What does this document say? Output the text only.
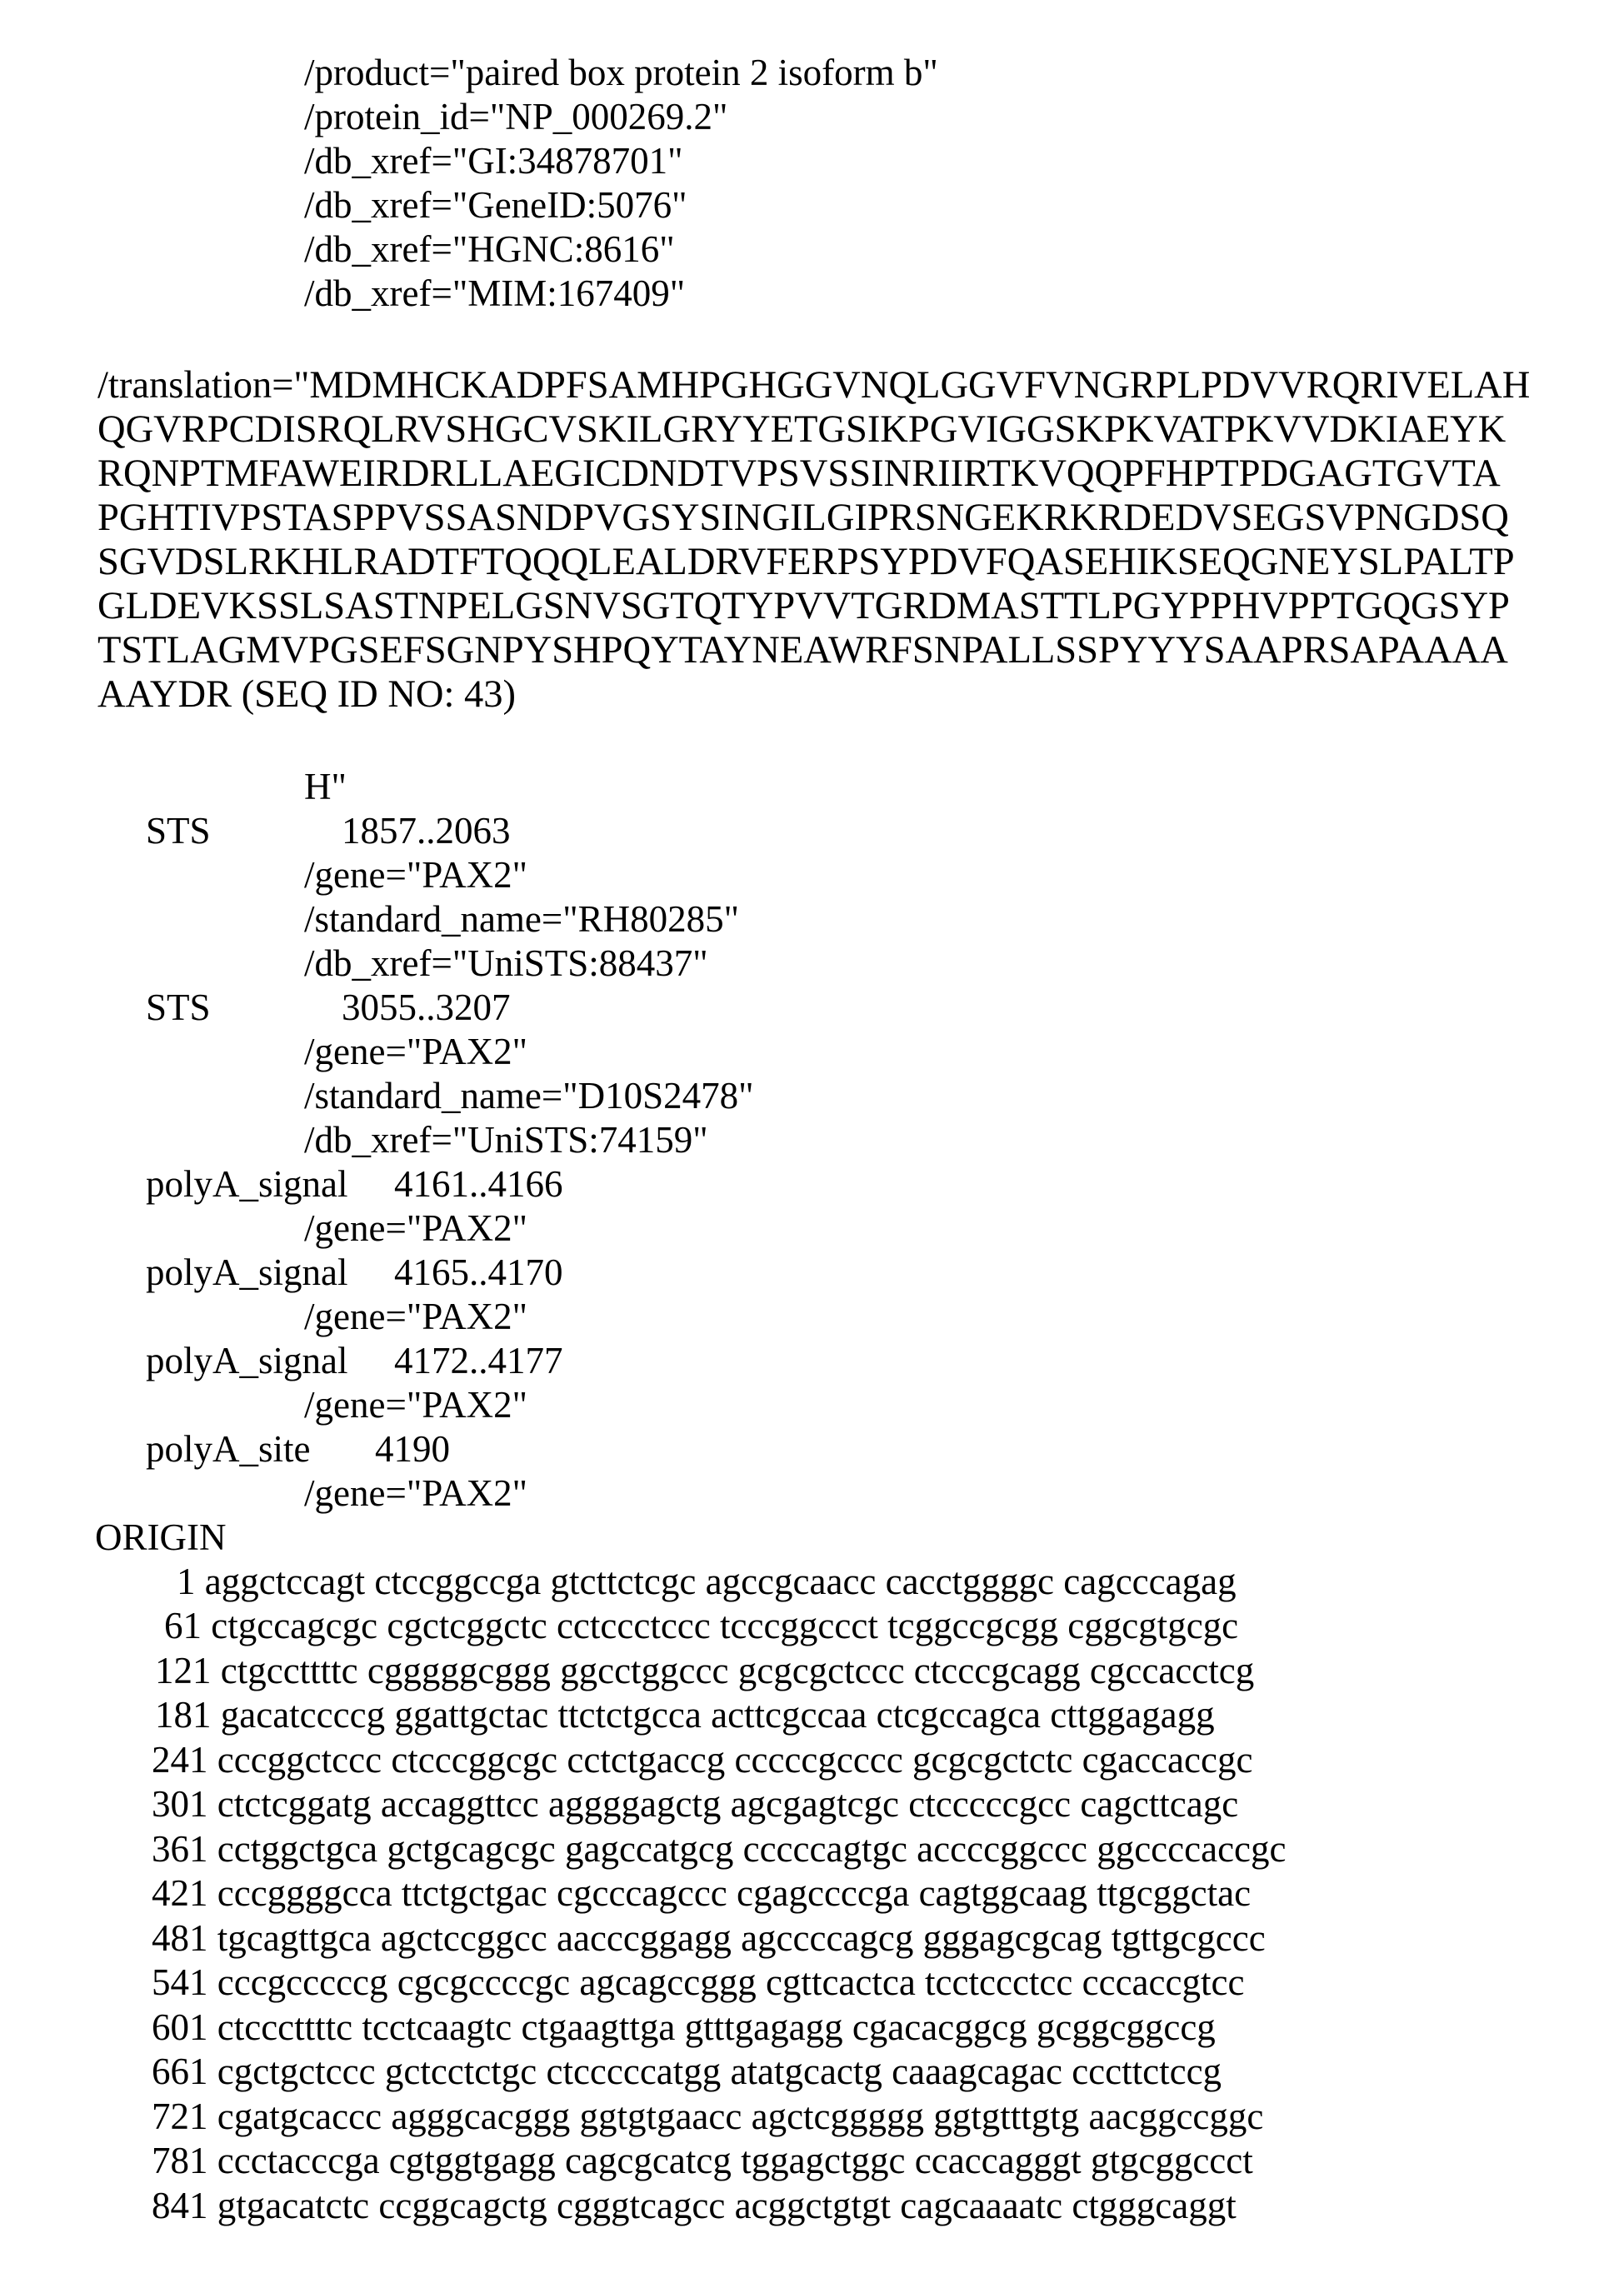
/product="paired box protein 2 isoform b"
/protein_id="NP_000269.2"
/db_xref="GI:34878701"
/db_xref="GeneID:5076"
/db_xref="HGNC:8616"
/db_xref="MIM:167409"
/translation="MDMHCKADPFSAMHPGHGGVNQLGGVFVNGRPLPDVVRQRIVELAH
QGVRPCDISRQLRVSHGCVSKILGRYYETGSIKPGVIGGSKPKVATPKVVDKIAEYK
RQNPTMFAWEIRDRLLAEGICDNDTVPSVSSINRIIRTKVQQPFHPTPDGAGTGVTA
PGHTIVPSTASPPVSSASNDPVGSYSINGILGIPRSNGEKRKRDEDVSEGSVPNGDSQ
SGVDSLRKHLRADTFTQQQLEALDRVFERPSYPDVFQASEHIKSEQGNEYSLPALTP
GLDEVKSSLSASTNPELGSNVSGTQTYPVVTGRDMASTTLPGYPPHVPPTGQGSYP
TSTLAGMVPGSEFSGNPYSHPQYTAYNEAWRFSNPALLSSPYYYSAAPRSAPAAAA
AAYDR (SEQ ID NO: 43)
H"
STS	1857..2063
/gene="PAX2"
/standard_name="RH80285"
/db_xref="UniSTS:88437"
STS	3055..3207
/gene="PAX2"
/standard_name="D10S2478"
/db_xref="UniSTS:74159"
polyA_signal 4161..4166
/gene="PAX2"
polyA_signal 4165..4170
/gene="PAX2"
polyA_signal 4172..4177
/gene="PAX2"
polyA_site 4190
/gene="PAX2"
ORIGIN
1 aggctccagt ctccggccga gtcttctcgc agccgcaacc cacctggggc cagcccagag
61 ctgccagcgc cgctcggctc cctccctccc tcccggccct tcggccgcgg cggcgtgcgc
121 ctgccttttc cgggggcggg ggcctggccc gcgcgctccc ctcccgcagg cgccacctcg
181 gacatccccg ggattgctac ttctctgcca acttcgccaa ctcgccagca cttggagagg
241 cccggctccc ctcccggcgc cctctgaccg cccccgcccc gcgcgctctc cgaccaccgc
301 ctctcggatg accaggttcc aggggagctg agcgagtcgc ctcccccgcc cagcttcagc
361 cctggctgca gctgcagcgc gagccatgcg cccccagtgc accccggccc ggccccaccgc
421 cccggggcca ttctgctgac cgcccagccc cgagccccga cagtggcaag ttgcggctac
481 tgcagttgca agctccggcc aacccggagg agccccagcg gggagcgcag tgttgcgccc
541 cccgcccccg cgcgccccgc agcagccggg cgttcactca tcctccctcc cccaccgtcc
601 ctcccttttc tcctcaagtc ctgaagttga gtttgagagg cgacacggcg gcggcggccg
661 cgctgctccc gctcctctgc ctcccccatgg atatgcactg caaagcagac cccttctccg
721 cgatgcaccc agggcacggg ggtgtgaacc agctcggggg ggtgtttgtg aacggccggc
781 ccctacccga cgtggtgagg cagcgcatcg tggagctggc ccaccagggt gtgcggccct
841 gtgacatctc ccggcagctg cgggtcagcc acggctgtgt cagcaaaatc ctgggcaggt
